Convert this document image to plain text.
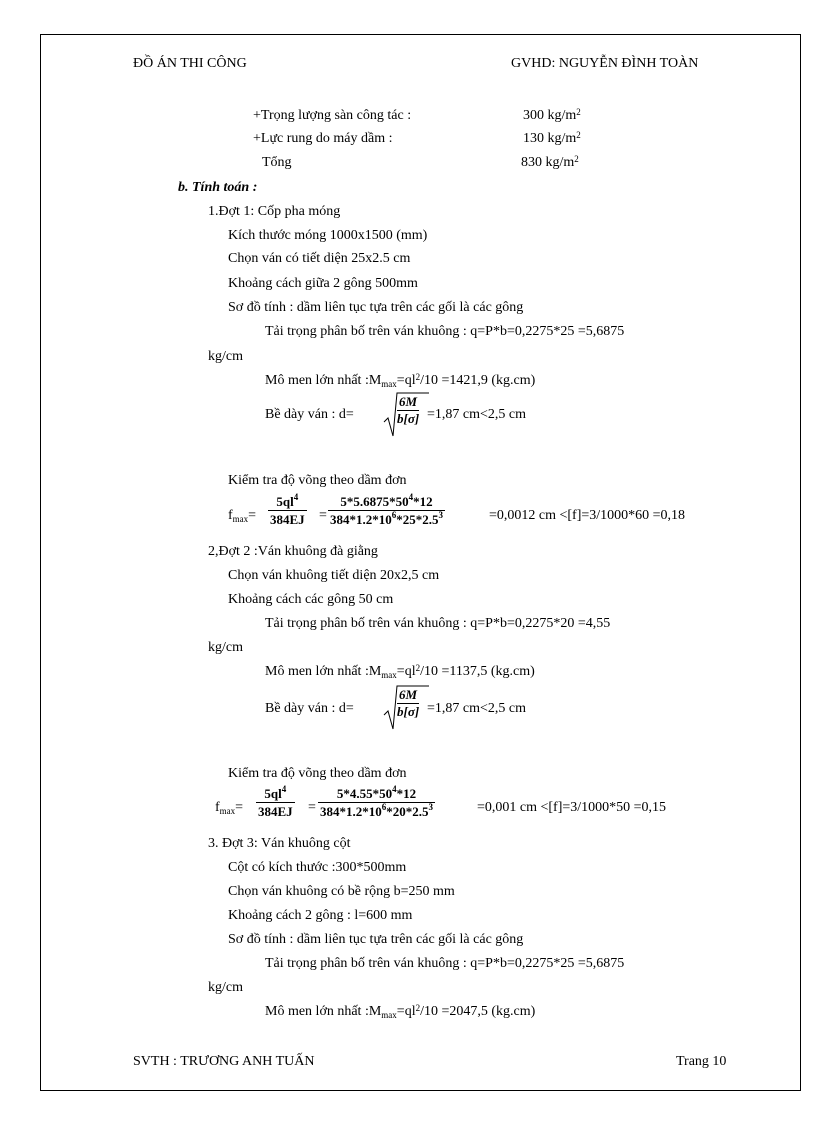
ĐỒ ÁN THI CÔNG	GVHD: NGUYỄN ĐÌNH TOÀN
+Trọng lượng sàn công tác :	300 $kg/m^2$
+Lực rung do máy dầm :	130 $kg/m^2$
Tổng	830 $kg/m^2$
b. Tính toán :
1.Đợt 1: Cốp pha móng
Kích thước móng 1000x1500 (mm)
Chọn ván có tiết diện 25x2.5 cm
Khoảng cách giữa 2 gông 500mm
Sơ đồ tính : dầm liên tục tựa trên các gối là các gông
Tải trọng phân bố trên ván khuông : q=P*b=0,2275*25 =5,6875
kg/cm
Mô men lớn nhất $:M_{max}=ql^2/10 =1421,9$ (kg.cm)
Bề dày ván : d=
6M
b[σ] =1,87 cm<2,5 cm
Kiểm tra độ võng theo dầm đơn
$f_{max}=$
$5ql^4$
384EJ =
$5*5.6875*50^4*12$
$384*1.2*10^6*25*2.5^3$	=0,0012 cm <[f]=3/1000*60 =0,18
2,Đợt 2 :Ván khuông đà giằng
Chọn ván khuông tiết diện 20x2,5 cm
Khoảng cách các gông 50 cm
Tải trọng phân bố trên ván khuông : q=P*b=0,2275*20 =4,55
kg/cm
Mô men lớn nhất $:M_{max}=ql^2/10 =1137,5$ (kg.cm)
Bề dày ván : d=
6M
b[σ] =1,87 cm<2,5 cm
Kiểm tra độ võng theo dầm đơn
$f_{max}=$
$5ql^4$
384EJ =
$5*4.55*50^4*12$
$384*1.2*10^6*20*2.5^3$	=0,001 cm <[f]=3/1000*50 =0,15
3. Đợt 3: Ván khuông cột
Cột có kích thước :300*500mm
Chọn ván khuông có bề rộng b=250 mm
Khoảng cách 2 gông : l=600 mm
Sơ đồ tính : dầm liên tục tựa trên các gối là các gông
Tải trọng phân bố trên ván khuông : q=P*b=0,2275*25 =5,6875
kg/cm
Mô men lớn nhất $:M_{max}=ql^2/10 =2047,5$ (kg.cm)
SVTH : TRƯƠNG ANH TUẤN	Trang 10
